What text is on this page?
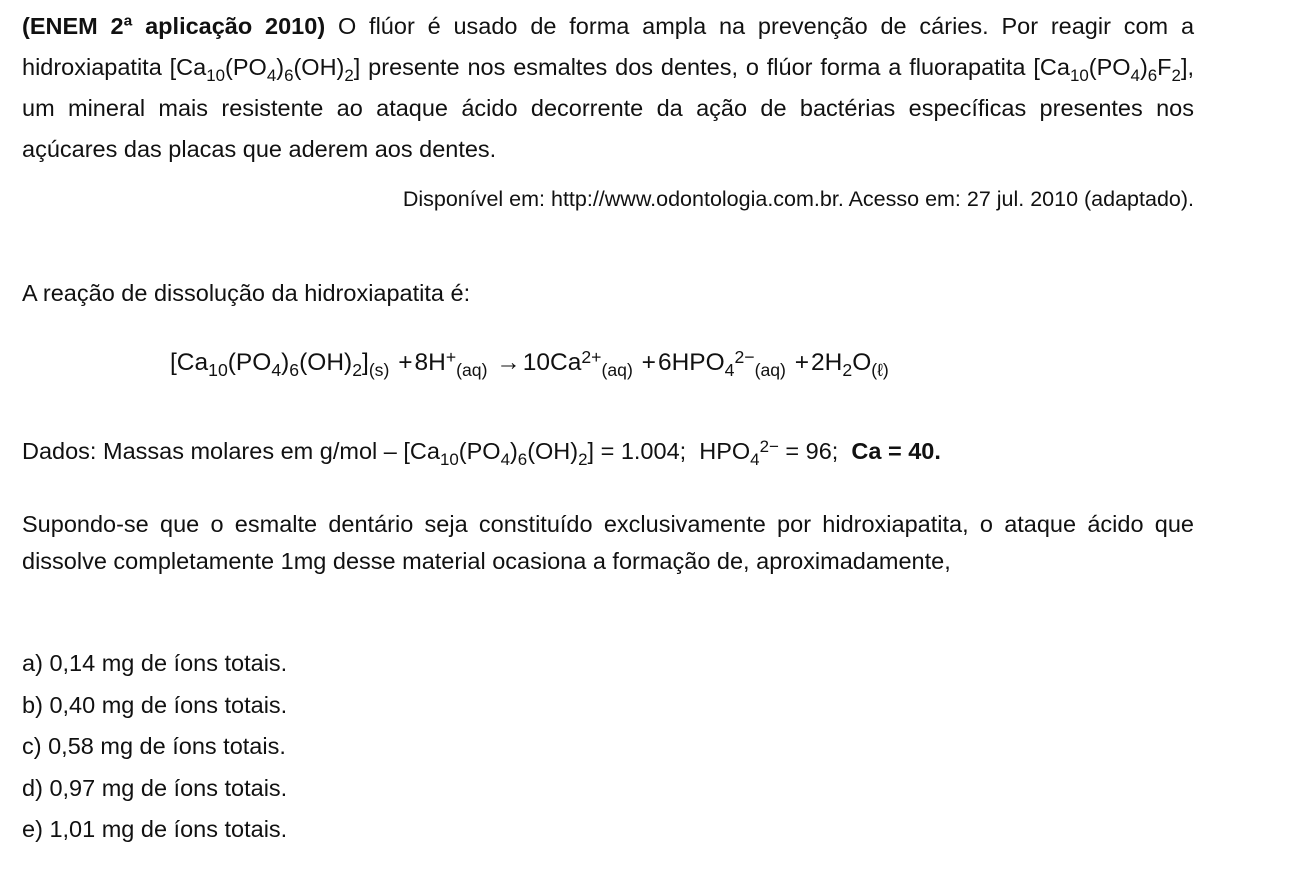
(ENEM 2ª aplicação 2010) O flúor é usado de forma ampla na prevenção de cáries. Por reagir com a hidroxiapatita $[Ca_{10}(PO_4)_6(OH)_2]$ presente nos esmaltes dos dentes, o flúor forma a fluorapatita $[Ca_{10}(PO_4)_6F_2]$, um mineral mais resistente ao ataque ácido decorrente da ação de bactérias específicas presentes nos açúcares das placas que aderem aos dentes.
Disponível em: http://www.odontologia.com.br. Acesso em: 27 jul. 2010 (adaptado).
A reação de dissolução da hidroxiapatita é:
$[Ca_{10}(PO_4)_6(OH)_2]_{(s)} +8H^+_{(aq)} \to 10Ca^{2+}_{(aq)} +6HPO_4^{2-}_{(aq)} +2H_2O_{(\ell)}$
Dados: Massas molares em $g/mol - [Ca_{10}(PO_4)_6(OH)_2] = 1.004$; $HPO_4^{2-} = 96$; Ca = 40.
Supondo-se que o esmalte dentário seja constituído exclusivamente por hidroxiapatita, o ataque ácido que dissolve completamente 1mg desse material ocasiona a formação de, aproximadamente,
a) 0,14 mg de íons totais.
b) 0,40 mg de íons totais.
c) 0,58 mg de íons totais.
d) 0,97 mg de íons totais.
e) 1,01 mg de íons totais.
